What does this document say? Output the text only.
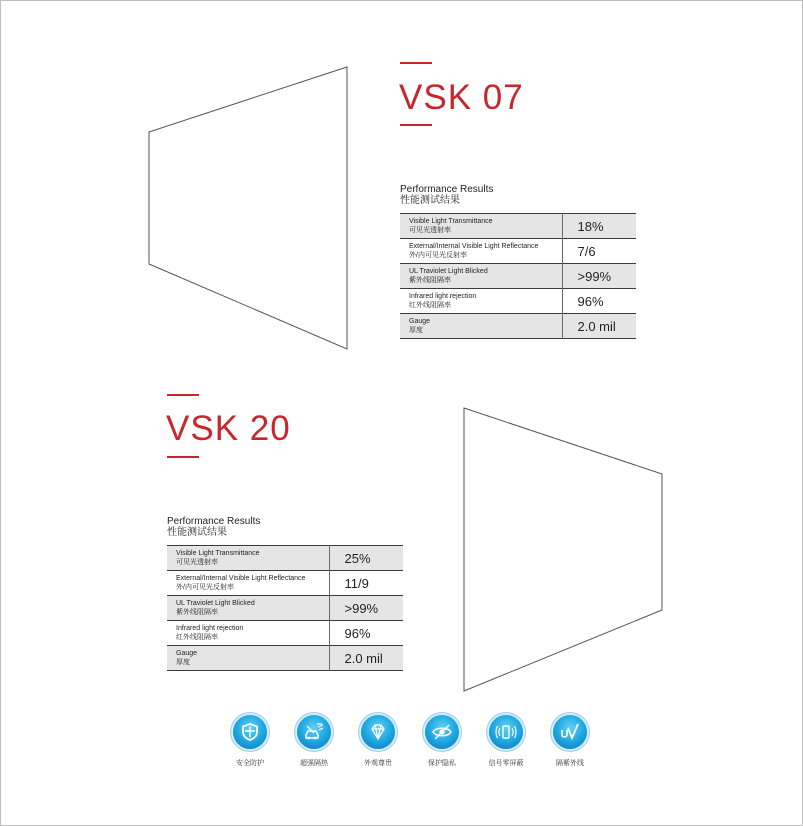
VSK 07
Performance Results
性能测试结果
Visible Light Transmittance
可见光透射率	18%

External/Internal Visible Light Reflectance
外/内可见光反射率	7/6

UL Traviolet Light Blicked
紫外线阻隔率	>99%

Infrared light rejection
红外线阻隔率	96%

Gauge
厚度	2.0 mil
VSK 20
Performance Results
性能测试结果
Visible Light Transmittance
可见光透射率	25%

External/Internal Visible Light Reflectance
外/内可见光反射率	11/9

UL Traviolet Light Blicked
紫外线阻隔率	>99%

Infrared light rejection
红外线阻隔率	96%

Gauge
厚度	2.0 mil
安全防护	超强隔热	外观尊贵	保护隐私	信号零屏蔽	隔紫外线
